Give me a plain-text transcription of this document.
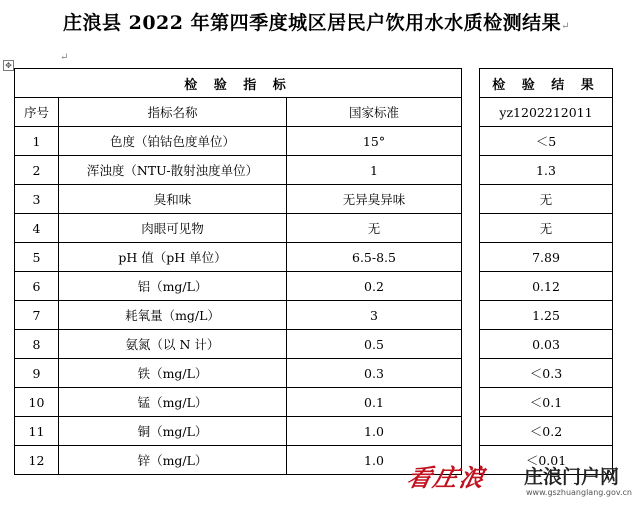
庄浪县 2022 年第四季度城区居民户饮用水水质检测结果↵
✥
↵
检 验 指 标				检 验 结 果
序号	指标名称	国家标准		yz1202212011
1	色度（铂钴色度单位）	15°		＜5
2	浑浊度（NTU-散射浊度单位）	1		1.3
3	臭和味	无异臭异味		无
4	肉眼可见物	无		无
5	pH 值（pH 单位）	6.5-8.5		7.89
6	铝（mg/L）	0.2		0.12
7	耗氧量（mg/L）	3		1.25
8	氨氮（以 N 计）	0.5		0.03
9	铁（mg/L）	0.3		＜0.3
10	锰（mg/L）	0.1		＜0.1
11	铜（mg/L）	1.0		＜0.2
12	锌（mg/L）	1.0		＜0.01
看庄浪 庄浪门户网
www.gszhuanglang.gov.cn
